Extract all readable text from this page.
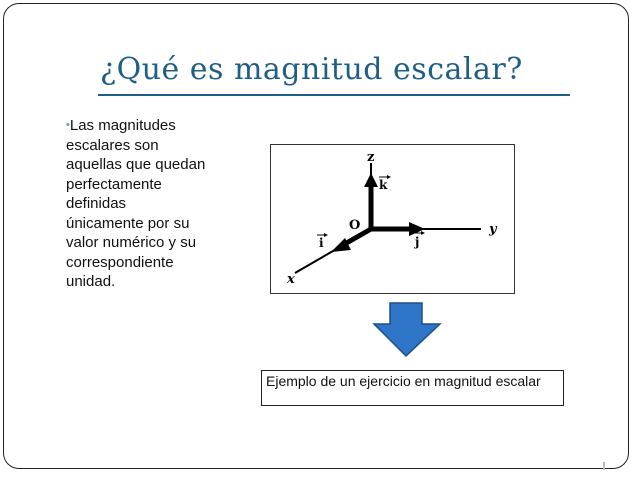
¿Qué es magnitud escalar?
•Las magnitudes escalares son aquellas que quedan perfectamente definidas únicamente por su valor numérico y su correspondiente unidad.
z
y
x
O
k
j
i
Ejemplo de un ejercicio en magnitud escalar
